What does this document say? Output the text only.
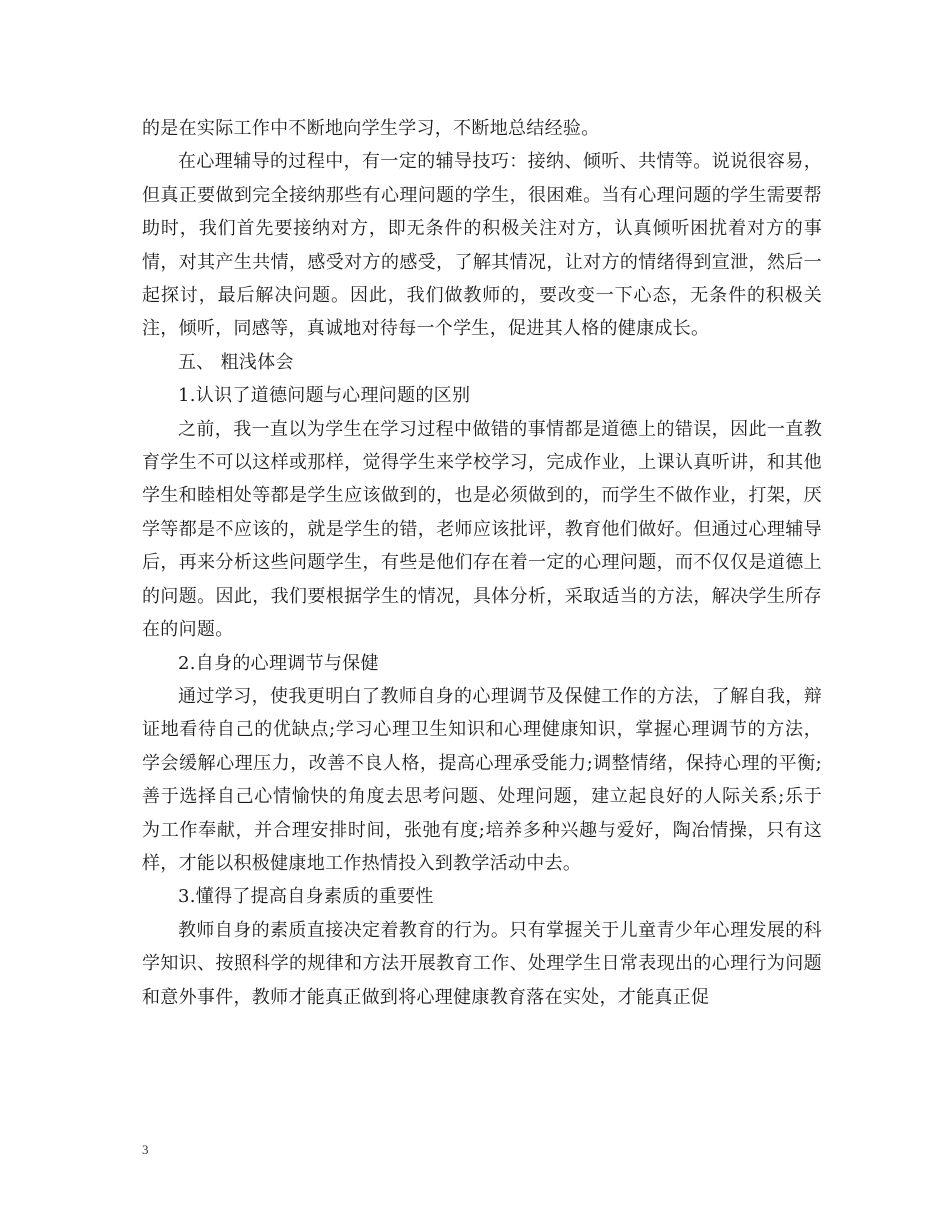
的是在实际工作中不断地向学生学习，不断地总结经验。

在心理辅导的过程中，有一定的辅导技巧：接纳、倾听、共情等。说说很容易，但真正要做到完全接纳那些有心理问题的学生，很困难。当有心理问题的学生需要帮助时，我们首先要接纳对方，即无条件的积极关注对方，认真倾听困扰着对方的事情，对其产生共情，感受对方的感受，了解其情况，让对方的情绪得到宣泄，然后一起探讨，最后解决问题。因此，我们做教师的，要改变一下心态，无条件的积极关注，倾听，同感等，真诚地对待每一个学生，促进其人格的健康成长。

五、 粗浅体会

1.认识了道德问题与心理问题的区别

之前，我一直以为学生在学习过程中做错的事情都是道德上的错误，因此一直教育学生不可以这样或那样，觉得学生来学校学习，完成作业，上课认真听讲，和其他学生和睦相处等都是学生应该做到的，也是必须做到的，而学生不做作业，打架，厌学等都是不应该的，就是学生的错，老师应该批评，教育他们做好。但通过心理辅导后，再来分析这些问题学生，有些是他们存在着一定的心理问题，而不仅仅是道德上的问题。因此，我们要根据学生的情况，具体分析，采取适当的方法，解决学生所存在的问题。

2.自身的心理调节与保健

通过学习，使我更明白了教师自身的心理调节及保健工作的方法，了解自我，辩证地看待自己的优缺点;学习心理卫生知识和心理健康知识，掌握心理调节的方法，学会缓解心理压力，改善不良人格，提高心理承受能力;调整情绪，保持心理的平衡;善于选择自己心情愉快的角度去思考问题、处理问题，建立起良好的人际关系;乐于为工作奉献，并合理安排时间，张弛有度;培养多种兴趣与爱好，陶冶情操，只有这样，才能以积极健康地工作热情投入到教学活动中去。

3.懂得了提高自身素质的重要性

教师自身的素质直接决定着教育的行为。只有掌握关于儿童青少年心理发展的科学知识、按照科学的规律和方法开展教育工作、处理学生日常表现出的心理行为问题和意外事件，教师才能真正做到将心理健康教育落在实处，才能真正促

3
